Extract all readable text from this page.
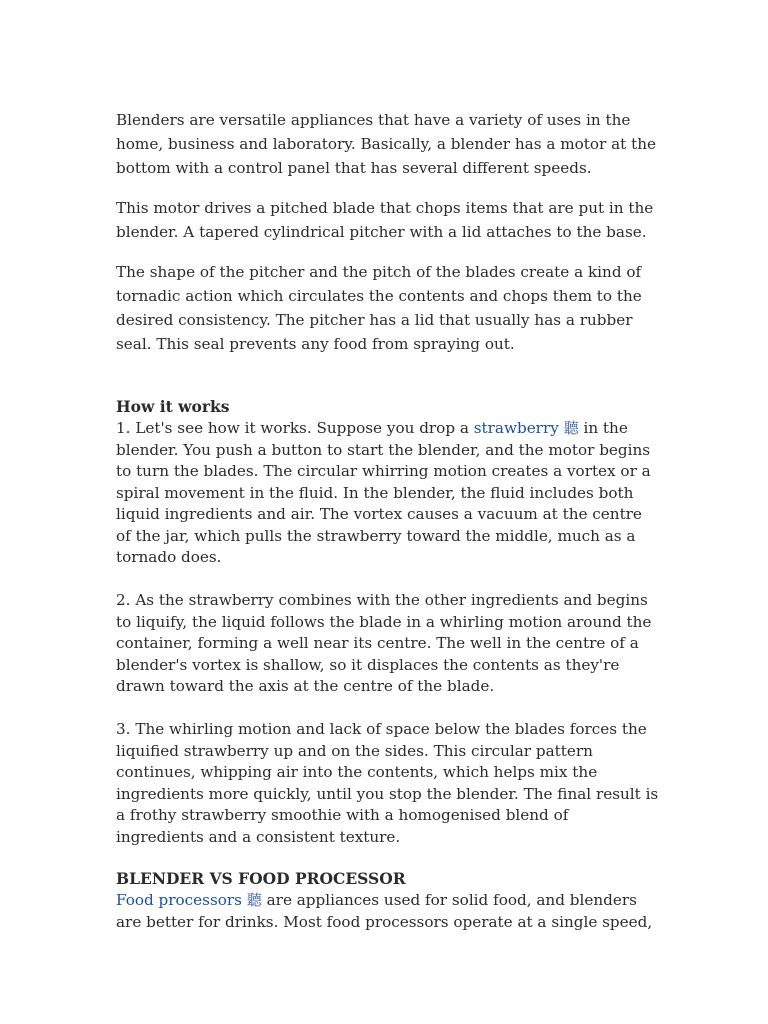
Blenders are versatile appliances that have a variety of uses in the home, business and laboratory. Basically, a blender has a motor at the bottom with a control panel that has several different speeds.

This motor drives a pitched blade that chops items that are put in the blender. A tapered cylindrical pitcher with a lid attaches to the base.

The shape of the pitcher and the pitch of the blades create a kind of tornadic action which circulates the contents and chops them to the desired consistency. The pitcher has a lid that usually has a rubber seal. This seal prevents any food from spraying out.

How it works

1. Let's see how it works. Suppose you drop a strawberry 聽 in the blender. You push a button to start the blender, and the motor begins to turn the blades. The circular whirring motion creates a vortex or a spiral movement in the fluid. In the blender, the fluid includes both liquid ingredients and air. The vortex causes a vacuum at the centre of the jar, which pulls the strawberry toward the middle, much as a tornado does.

2. As the strawberry combines with the other ingredients and begins to liquify, the liquid follows the blade in a whirling motion around the container, forming a well near its centre. The well in the centre of a blender's vortex is shallow, so it displaces the contents as they're drawn toward the axis at the centre of the blade.

3. The whirling motion and lack of space below the blades forces the liquified strawberry up and on the sides. This circular pattern continues, whipping air into the contents, which helps mix the ingredients more quickly, until you stop the blender. The final result is a frothy strawberry smoothie with a homogenised blend of ingredients and a consistent texture.

BLENDER VS FOOD PROCESSOR

Food processors 聽 are appliances used for solid food, and blenders are better for drinks. Most food processors operate at a single speed,
